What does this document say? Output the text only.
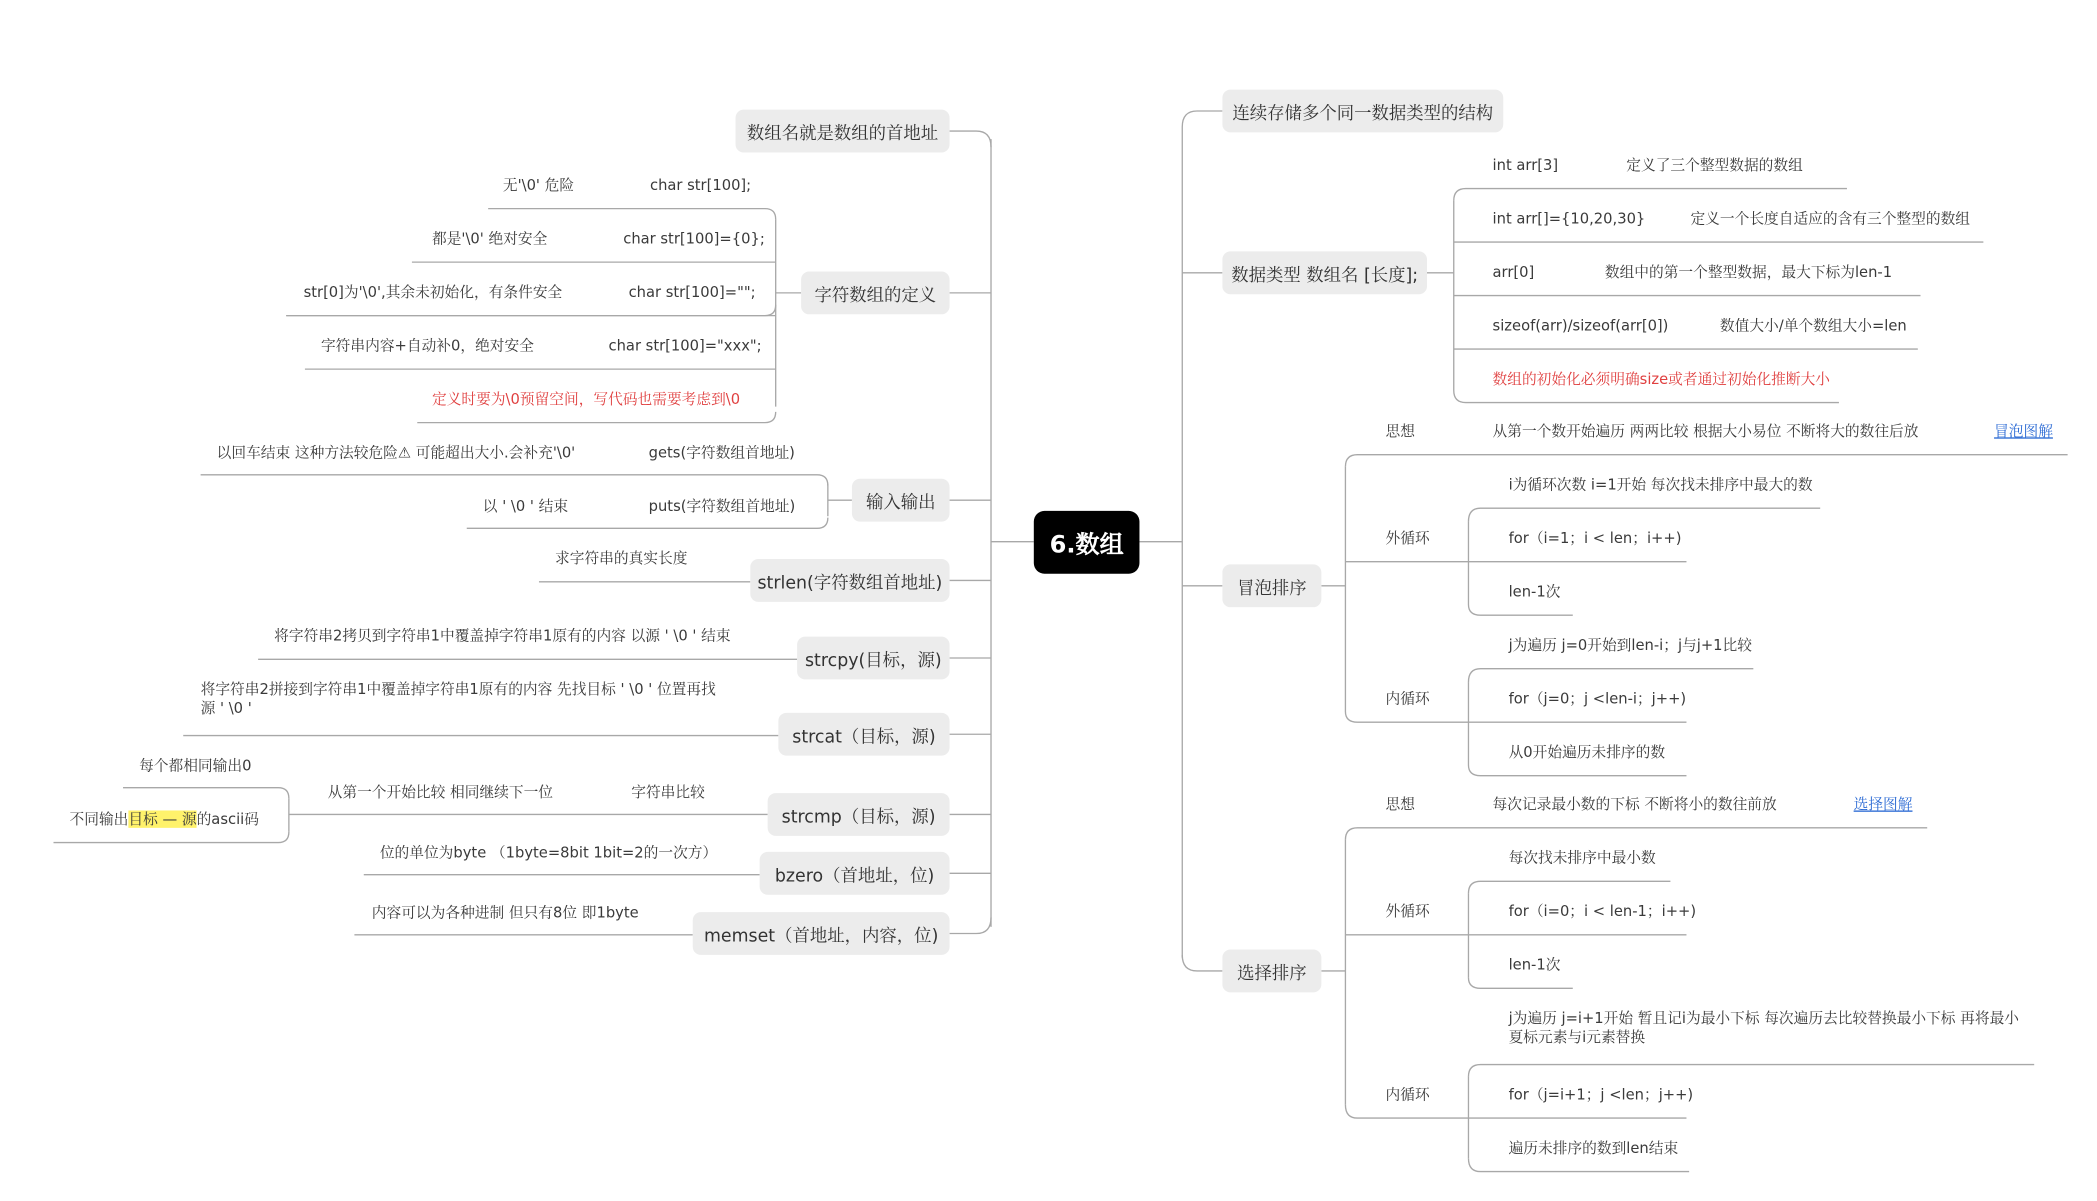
6.数组
数组名就是数组的首地址
字符数组的定义
char str[100];
无'\0' 危险
char str[100]={0};
都是'\0' 绝对安全
char str[100]="";
str[0]为'\0',其余未初始化，有条件安全
char str[100]="xxx";
字符串内容+自动补0，绝对安全
定义时要为\0预留空间，写代码也需要考虑到\0
输入输出
gets(字符数组首地址)
以回车结束 这种方法较危险⚠ 可能超出大小.会补充'\0'
puts(字符数组首地址)
以 ' \0 ' 结束
strlen(字符数组首地址)
求字符串的真实长度
strcpy(目标，源)
将字符串2拷贝到字符串1中覆盖掉字符串1原有的内容 以源 ' \0 ' 结束
strcat（目标，源)
将字符串2拼接到字符串1中覆盖掉字符串1原有的内容 先找目标 ' \0 ' 位置再找源 ' \0 '
strcmp（目标，源)
字符串比较
从第一个开始比较 相同继续下一位
每个都相同输出0
不同输出目标 — 源的ascii码
bzero（首地址，位)
位的单位为byte （1byte=8bit 1bit=2的一次方）
memset（首地址，内容，位)
内容可以为各种进制 但只有8位 即1byte
连续存储多个同一数据类型的结构
数据类型 数组名 [长度];
int arr[3]	定义了三个整型数据的数组
int arr[]={10,20,30}	定义一个长度自适应的含有三个整型的数组
arr[0]	数组中的第一个整型数据，最大下标为len-1
sizeof(arr)/sizeof(arr[0])	数值大小/单个数组大小=len
数组的初始化必须明确size或者通过初始化推断大小
冒泡排序
思想	从第一个数开始遍历 两两比较 根据大小易位 不断将大的数往后放	冒泡图解
外循环
i为循环次数 i=1开始 每次找未排序中最大的数
for（i=1；i < len；i++)
len-1次
内循环
j为遍历 j=0开始到len-i；j与j+1比较
for（j=0；j <len-i；j++)
从0开始遍历未排序的数
选择排序
思想	每次记录最小数的下标 不断将小的数往前放	选择图解
外循环
每次找未排序中最小数
for（i=0；i < len-1；i++)
len-1次
内循环
j为遍历 j=i+1开始 暂且记i为最小下标 每次遍历去比较替换最小下标 再将最小夏标元素与i元素替换
for（j=i+1；j <len；j++)
遍历未排序的数到len结束
